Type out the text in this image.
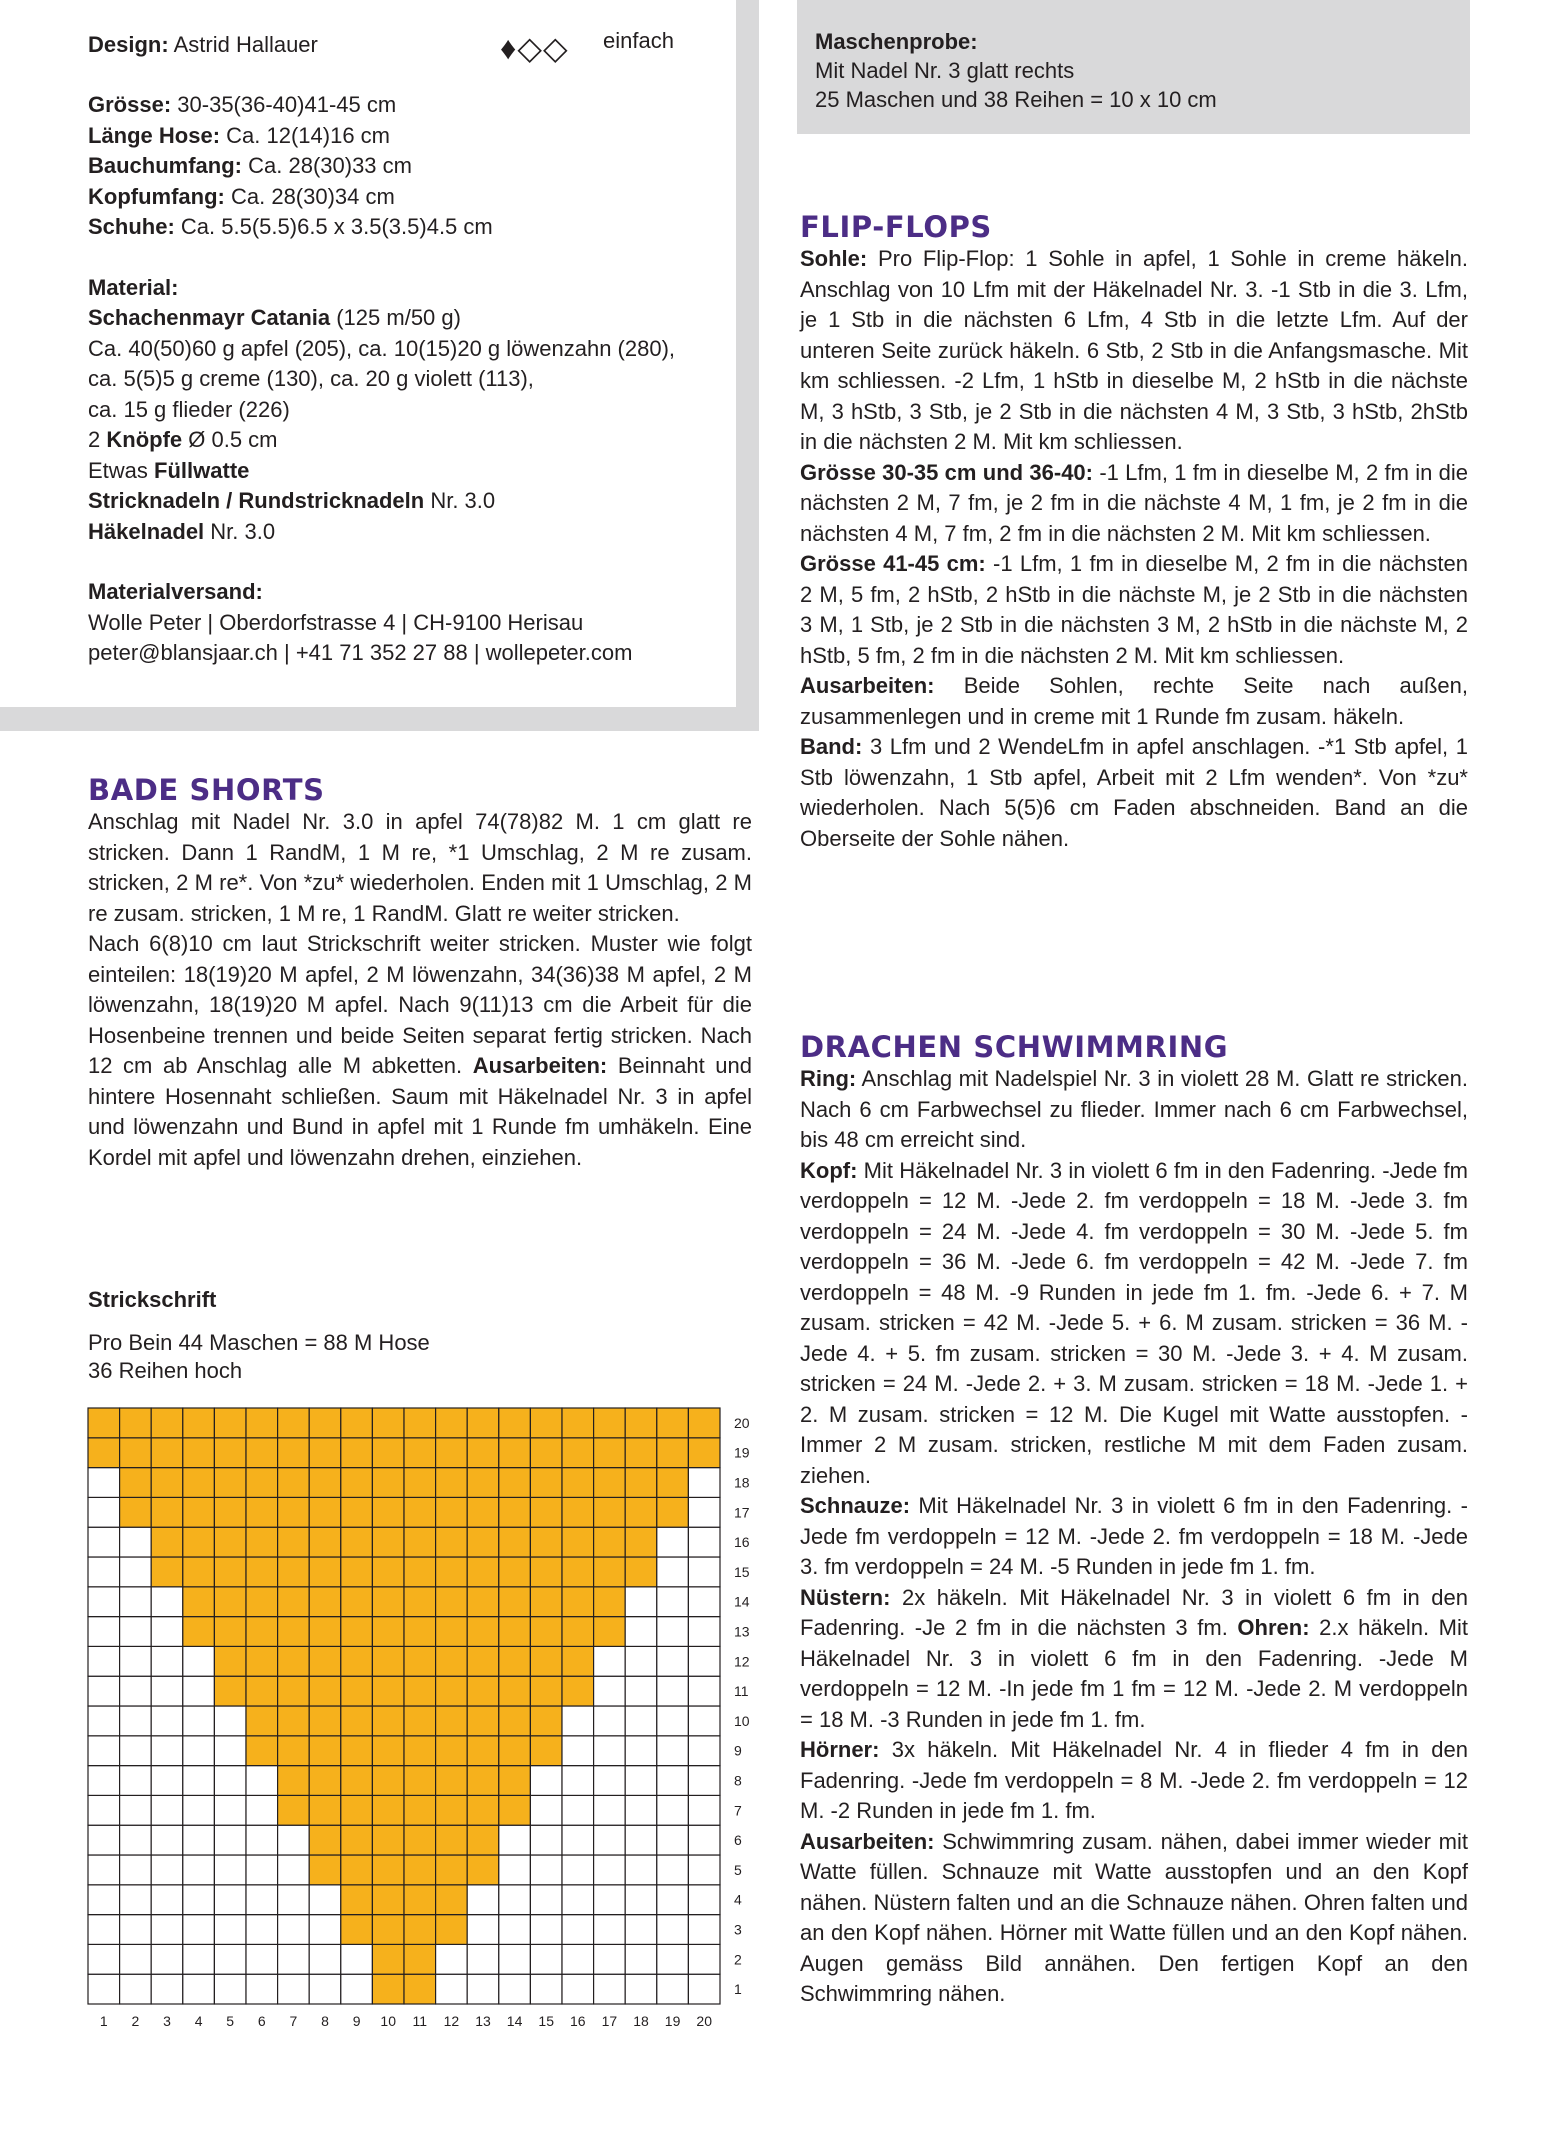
Design: Astrid Hallauer	♦◇◇ einfach

Grösse: 30-35(36-40)41-45 cm

Länge Hose: Ca. 12(14)16 cm

Bauchumfang: Ca. 28(30)33 cm

Kopfumfang: Ca. 28(30)34 cm

Schuhe: Ca. 5.5(5.5)6.5 x 3.5(3.5)4.5 cm

Material:

Schachenmayr Catania (125 m/50 g)

Ca. 40(50)60 g apfel (205), ca. 10(15)20 g löwenzahn (280),

ca. 5(5)5 g creme (130), ca. 20 g violett (113),

ca. 15 g flieder (226)

2 Knöpfe Ø 0.5 cm

Etwas Füllwatte

Stricknadeln / Rundstricknadeln Nr. 3.0

Häkelnadel Nr. 3.0

Materialversand:

Wolle Peter | Oberdorfstrasse 4 | CH-9100 Herisau

peter@blansjaar.ch | +41 71 352 27 88 | wollepeter.com

Maschenprobe:

Mit Nadel Nr. 3 glatt rechts

25 Maschen und 38 Reihen = 10 x 10 cm

BADE SHORTS

Anschlag mit Nadel Nr. 3.0 in apfel 74(78)82 M. 1 cm glatt re stricken. Dann 1 RandM, 1 M re, *1 Umschlag, 2 M re zusam. stricken, 2 M re*. Von *zu* wiederholen. Enden mit 1 Umschlag, 2 M re zusam. stricken, 1 M re, 1 RandM. Glatt re weiter stricken.

Nach 6(8)10 cm laut Strickschrift weiter stricken. Muster wie folgt einteilen: 18(19)20 M apfel, 2 M löwenzahn, 34(36)38 M apfel, 2 M löwenzahn, 18(19)20 M apfel. Nach 9(11)13 cm die Arbeit für die Hosenbeine trennen und beide Seiten separat fertig stricken. Nach 12 cm ab Anschlag alle M abketten. Ausarbeiten: Beinnaht und hintere Hosennaht schließen. Saum mit Häkelnadel Nr. 3 in apfel und löwenzahn und Bund in apfel mit 1 Runde fm umhäkeln. Eine Kordel mit apfel und löwenzahn drehen, einziehen.

Strickschrift
Pro Bein 44 Maschen = 88 M Hose
36 Reihen hoch
1 2 3 4 5 6 7 8 9 10 11 12 13 14 15 16 17 18 19 20
1
2
3
4
5
6
7
8
9
10
11
12
13
14
15
16
17
18
19
20
FLIP-FLOPS

Sohle: Pro Flip-Flop: 1 Sohle in apfel, 1 Sohle in creme häkeln. Anschlag von 10 Lfm mit der Häkelnadel Nr. 3. -1 Stb in die 3. Lfm, je 1 Stb in die nächsten 6 Lfm, 4 Stb in die letzte Lfm. Auf der unteren Seite zurück häkeln. 6 Stb, 2 Stb in die Anfangsmasche. Mit km schliessen. -2 Lfm, 1 hStb in dieselbe M, 2 hStb in die nächste M, 3 hStb, 3 Stb, je 2 Stb in die nächsten 4 M, 3 Stb, 3 hStb, 2hStb in die nächsten 2 M. Mit km schliessen.

Grösse 30-35 cm und 36-40: -1 Lfm, 1 fm in dieselbe M, 2 fm in die nächsten 2 M, 7 fm, je 2 fm in die nächste 4 M, 1 fm, je 2 fm in die nächsten 4 M, 7 fm, 2 fm in die nächsten 2 M. Mit km schliessen.

Grösse 41-45 cm: -1 Lfm, 1 fm in dieselbe M, 2 fm in die nächsten 2 M, 5 fm, 2 hStb, 2 hStb in die nächste M, je 2 Stb in die nächsten 3 M, 1 Stb, je 2 Stb in die nächsten 3 M, 2 hStb in die nächste M, 2 hStb, 5 fm, 2 fm in die nächsten 2 M. Mit km schliessen.

Ausarbeiten: Beide Sohlen, rechte Seite nach außen, zusammenlegen und in creme mit 1 Runde fm zusam. häkeln.

Band: 3 Lfm und 2 WendeLfm in apfel anschlagen. -*1 Stb apfel, 1 Stb löwenzahn, 1 Stb apfel, Arbeit mit 2 Lfm wenden*. Von *zu* wiederholen. Nach 5(5)6 cm Faden abschneiden. Band an die Oberseite der Sohle nähen.

DRACHEN SCHWIMMRING

Ring: Anschlag mit Nadelspiel Nr. 3 in violett 28 M. Glatt re stricken. Nach 6 cm Farbwechsel zu flieder. Immer nach 6 cm Farbwechsel, bis 48 cm erreicht sind.

Kopf: Mit Häkelnadel Nr. 3 in violett 6 fm in den Fadenring. -Jede fm verdoppeln = 12 M. -Jede 2. fm verdoppeln = 18 M. -Jede 3. fm verdoppeln = 24 M. -Jede 4. fm verdoppeln = 30 M. -Jede 5. fm verdoppeln = 36 M. -Jede 6. fm verdoppeln = 42 M. -Jede 7. fm verdoppeln = 48 M. -9 Runden in jede fm 1. fm. -Jede 6. + 7. M zusam. stricken = 42 M. -Jede 5. + 6. M zusam. stricken = 36 M. -Jede 4. + 5. fm zusam. stricken = 30 M. -Jede 3. + 4. M zusam. stricken = 24 M. -Jede 2. + 3. M zusam. stricken = 18 M. -Jede 1. + 2. M zusam. stricken = 12 M. Die Kugel mit Watte ausstopfen. -Immer 2 M zusam. stricken, restliche M mit dem Faden zusam. ziehen.

Schnauze: Mit Häkelnadel Nr. 3 in violett 6 fm in den Fadenring. -Jede fm verdoppeln = 12 M. -Jede 2. fm verdoppeln = 18 M. -Jede 3. fm verdoppeln = 24 M. -5 Runden in jede fm 1. fm.

Nüstern: 2x häkeln. Mit Häkelnadel Nr. 3 in violett 6 fm in den Fadenring. -Je 2 fm in die nächsten 3 fm. Ohren: 2.x häkeln. Mit Häkelnadel Nr. 3 in violett 6 fm in den Fadenring. -Jede M verdoppeln = 12 M. -In jede fm 1 fm = 12 M. -Jede 2. M verdoppeln = 18 M. -3 Runden in jede fm 1. fm.

Hörner: 3x häkeln. Mit Häkelnadel Nr. 4 in flieder 4 fm in den Fadenring. -Jede fm verdoppeln = 8 M. -Jede 2. fm verdoppeln = 12 M. -2 Runden in jede fm 1. fm.

Ausarbeiten: Schwimmring zusam. nähen, dabei immer wieder mit Watte füllen. Schnauze mit Watte ausstopfen und an den Kopf nähen. Nüstern falten und an die Schnauze nähen. Ohren falten und an den Kopf nähen. Hörner mit Watte füllen und an den Kopf nähen. Augen gemäss Bild annähen. Den fertigen Kopf an den Schwimmring nähen.
